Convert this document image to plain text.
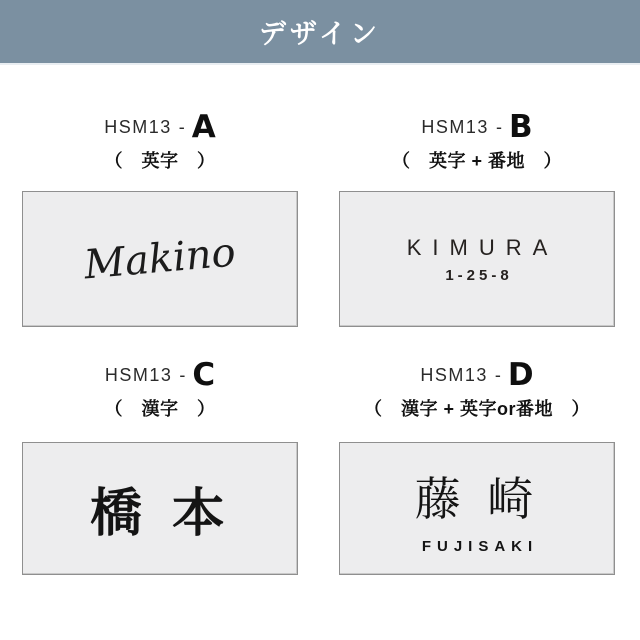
デザイン
HSM13 - A
（　英字　）
Makino
HSM13 - B
（　英字 + 番地　）
KIMURA
1-25-8
HSM13 - C
（　漢字　）
橋 本
HSM13 - D
（　漢字 + 英字or番地　）
藤 崎
FUJISAKI
